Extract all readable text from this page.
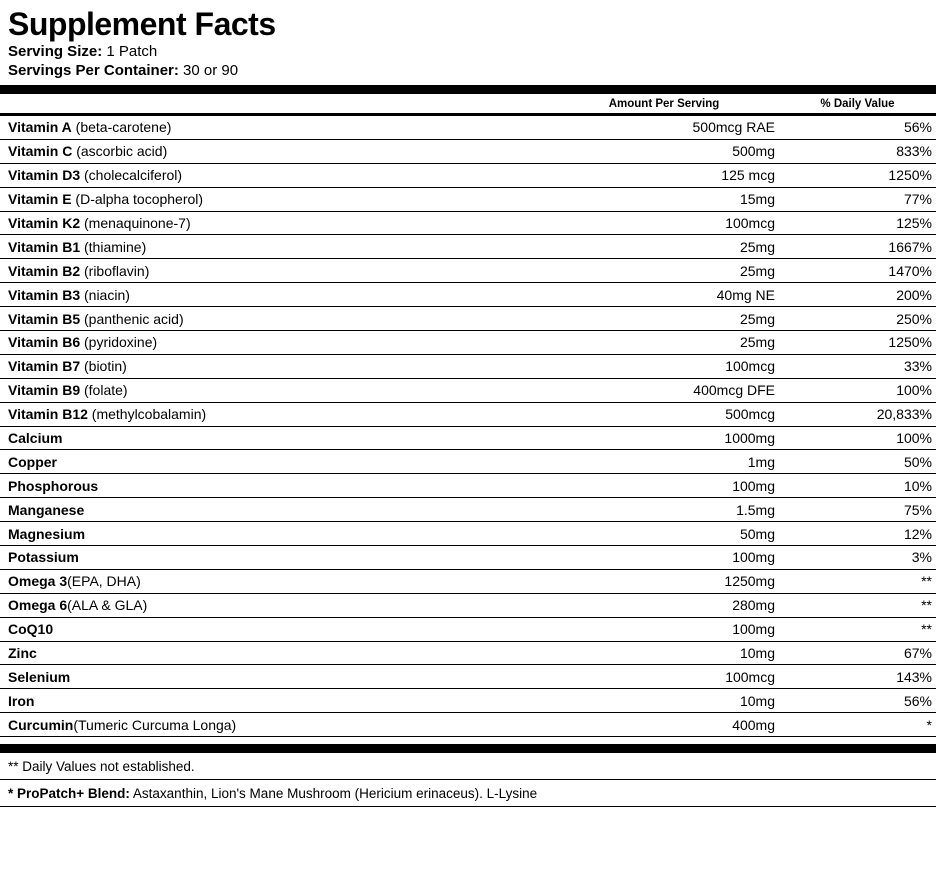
Supplement Facts
Serving Size: 1 Patch
Servings Per Container: 30 or 90
Amount Per Serving	% Daily Value
Vitamin A (beta-carotene)	500mcg RAE	56%
Vitamin C (ascorbic acid)	500mg	833%
Vitamin D3 (cholecalciferol)	125 mcg	1250%
Vitamin E (D-alpha tocopherol)	15mg	77%
Vitamin K2 (menaquinone-7)	100mcg	125%
Vitamin B1 (thiamine)	25mg	1667%
Vitamin B2 (riboflavin)	25mg	1470%
Vitamin B3 (niacin)	40mg NE	200%
Vitamin B5 (panthenic acid)	25mg	250%
Vitamin B6 (pyridoxine)	25mg	1250%
Vitamin B7 (biotin)	100mcg	33%
Vitamin B9 (folate)	400mcg DFE	100%
Vitamin B12 (methylcobalamin)	500mcg	20,833%
Calcium	1000mg	100%
Copper	1mg	50%
Phosphorous	100mg	10%
Manganese	1.5mg	75%
Magnesium	50mg	12%
Potassium	100mg	3%
Omega 3(EPA, DHA)	1250mg	**
Omega 6(ALA & GLA)	280mg	**
CoQ10	100mg	**
Zinc	10mg	67%
Selenium	100mcg	143%
Iron	10mg	56%
Curcumin(Tumeric Curcuma Longa)	400mg	*
** Daily Values not established.
* ProPatch+ Blend: Astaxanthin, Lion's Mane Mushroom (Hericium erinaceus). L-Lysine
